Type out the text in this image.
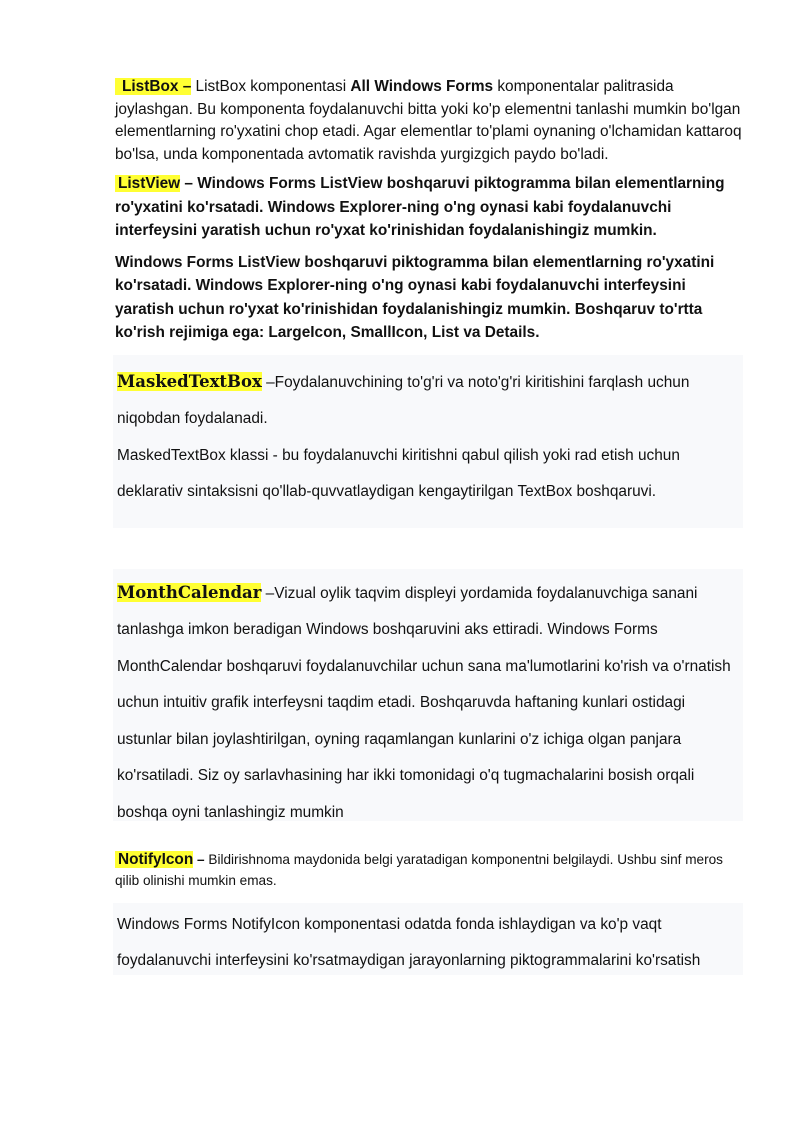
ListBox – ListBox komponentasi All Windows Forms komponentalar palitrasida joylashgan. Bu komponenta foydalanuvchi bitta yoki ko'p elementni tanlashi mumkin bo'lgan elementlarning ro'yxatini chop etadi. Agar elementlar to'plami oynaning o'lchamidan kattaroq bo'lsa, unda komponentada avtomatik ravishda yurgizgich paydo bo'ladi.

ListView – Windows Forms ListView boshqaruvi piktogramma bilan elementlarning ro'yxatini ko'rsatadi. Windows Explorer-ning o'ng oynasi kabi foydalanuvchi interfeysini yaratish uchun ro'yxat ko'rinishidan foydalanishingiz mumkin.

Windows Forms ListView boshqaruvi piktogramma bilan elementlarning ro'yxatini ko'rsatadi. Windows Explorer-ning o'ng oynasi kabi foydalanuvchi interfeysini yaratish uchun ro'yxat ko'rinishidan foydalanishingiz mumkin. Boshqaruv to'rtta ko'rish rejimiga ega: LargeIcon, SmallIcon, List va Details.

MaskedTextBox –Foydalanuvchining to'g'ri va noto'g'ri kiritishini farqlash uchun niqobdan foydalanadi.

MaskedTextBox klassi - bu foydalanuvchi kiritishni qabul qilish yoki rad etish uchun deklarativ sintaksisni qo'llab-quvvatlaydigan kengaytirilgan TextBox boshqaruvi.

MonthCalendar –Vizual oylik taqvim displeyi yordamida foydalanuvchiga sanani tanlashga imkon beradigan Windows boshqaruvini aks ettiradi. Windows Forms MonthCalendar boshqaruvi foydalanuvchilar uchun sana ma'lumotlarini ko'rish va o'rnatish uchun intuitiv grafik interfeysni taqdim etadi. Boshqaruvda haftaning kunlari ostidagi ustunlar bilan joylashtirilgan, oyning raqamlangan kunlarini o'z ichiga olgan panjara ko'rsatiladi. Siz oy sarlavhasining har ikki tomonidagi o'q tugmachalarini bosish orqali boshqa oyni tanlashingiz mumkin

NotifyIcon – Bildirishnoma maydonida belgi yaratadigan komponentni belgilaydi. Ushbu sinf meros qilib olinishi mumkin emas.

Windows Forms NotifyIcon komponentasi odatda fonda ishlaydigan va ko'p vaqt foydalanuvchi interfeysini ko'rsatmaydigan jarayonlarning piktogrammalarini ko'rsatish
